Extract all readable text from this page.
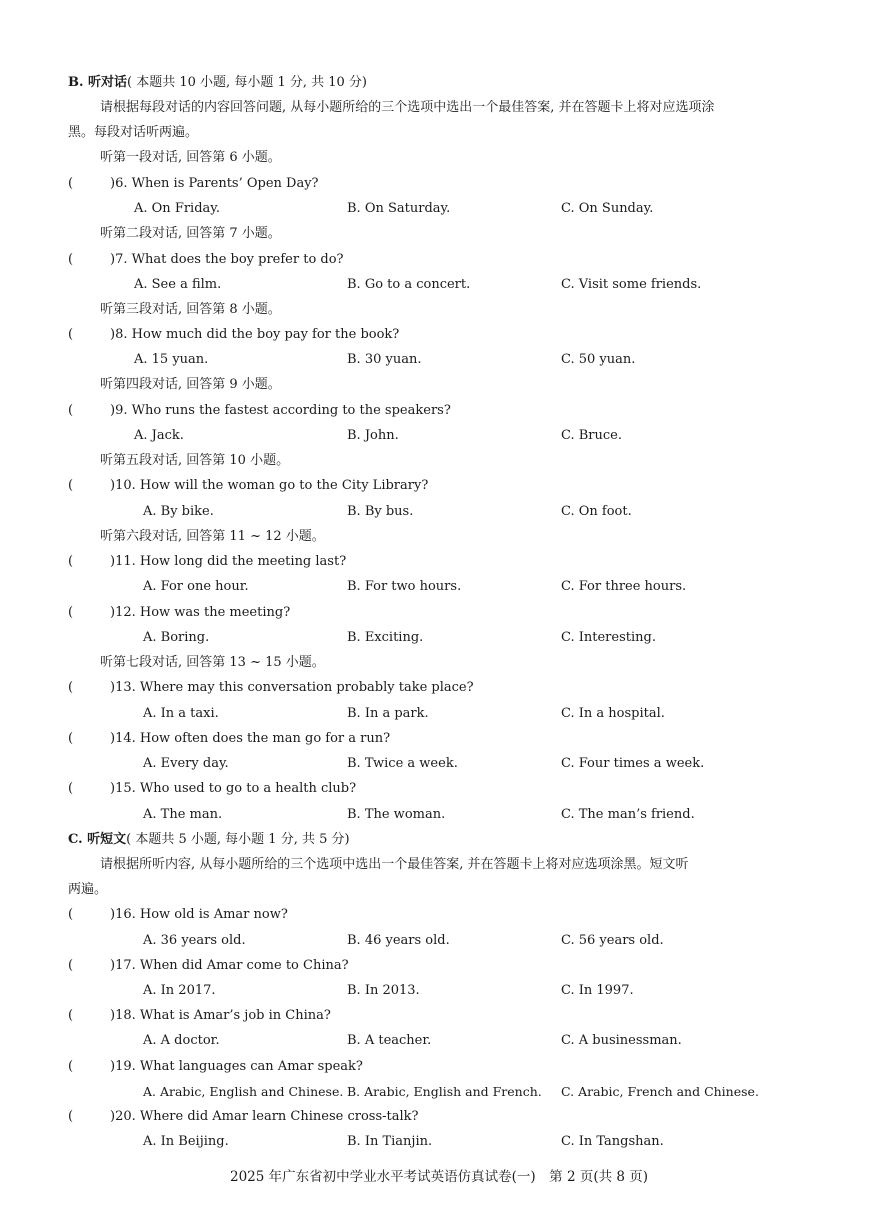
B. 听对话( 本题共 10 小题, 每小题 1 分, 共 10 分)
请根据每段对话的内容回答问题, 从每小题所给的三个选项中选出一个最佳答案, 并在答题卡上将对应选项涂
黑。每段对话听两遍。
听第一段对话, 回答第 6 小题。
(	)6. When is Parents’ Open Day?
A. On Friday.	B. On Saturday.	C. On Sunday.
听第二段对话, 回答第 7 小题。
(	)7. What does the boy prefer to do?
A. See a film.	B. Go to a concert.	C. Visit some friends.
听第三段对话, 回答第 8 小题。
(	)8. How much did the boy pay for the book?
A. 15 yuan.	B. 30 yuan.	C. 50 yuan.
听第四段对话, 回答第 9 小题。
(	)9. Who runs the fastest according to the speakers?
A. Jack.	B. John.	C. Bruce.
听第五段对话, 回答第 10 小题。
(	)10. How will the woman go to the City Library?
A. By bike.	B. By bus.	C. On foot.
听第六段对话, 回答第 11 ~ 12 小题。
(	)11. How long did the meeting last?
A. For one hour.	B. For two hours.	C. For three hours.
(	)12. How was the meeting?
A. Boring.	B. Exciting.	C. Interesting.
听第七段对话, 回答第 13 ~ 15 小题。
(	)13. Where may this conversation probably take place?
A. In a taxi.	B. In a park.	C. In a hospital.
(	)14. How often does the man go for a run?
A. Every day.	B. Twice a week.	C. Four times a week.
(	)15. Who used to go to a health club?
A. The man.	B. The woman.	C. The man’s friend.
C. 听短文( 本题共 5 小题, 每小题 1 分, 共 5 分)
请根据所听内容, 从每小题所给的三个选项中选出一个最佳答案, 并在答题卡上将对应选项涂黑。短文听
两遍。
(	)16. How old is Amar now?
A. 36 years old.	B. 46 years old.	C. 56 years old.
(	)17. When did Amar come to China?
A. In 2017.	B. In 2013.	C. In 1997.
(	)18. What is Amar’s job in China?
A. A doctor.	B. A teacher.	C. A businessman.
(	)19. What languages can Amar speak?
A. Arabic, English and Chinese. B. Arabic, English and French. C. Arabic, French and Chinese.
(	)20. Where did Amar learn Chinese cross-talk?
A. In Beijing.	B. In Tianjin.	C. In Tangshan.
2025 年广东省初中学业水平考试英语仿真试卷(一)　第 2 页(共 8 页)
